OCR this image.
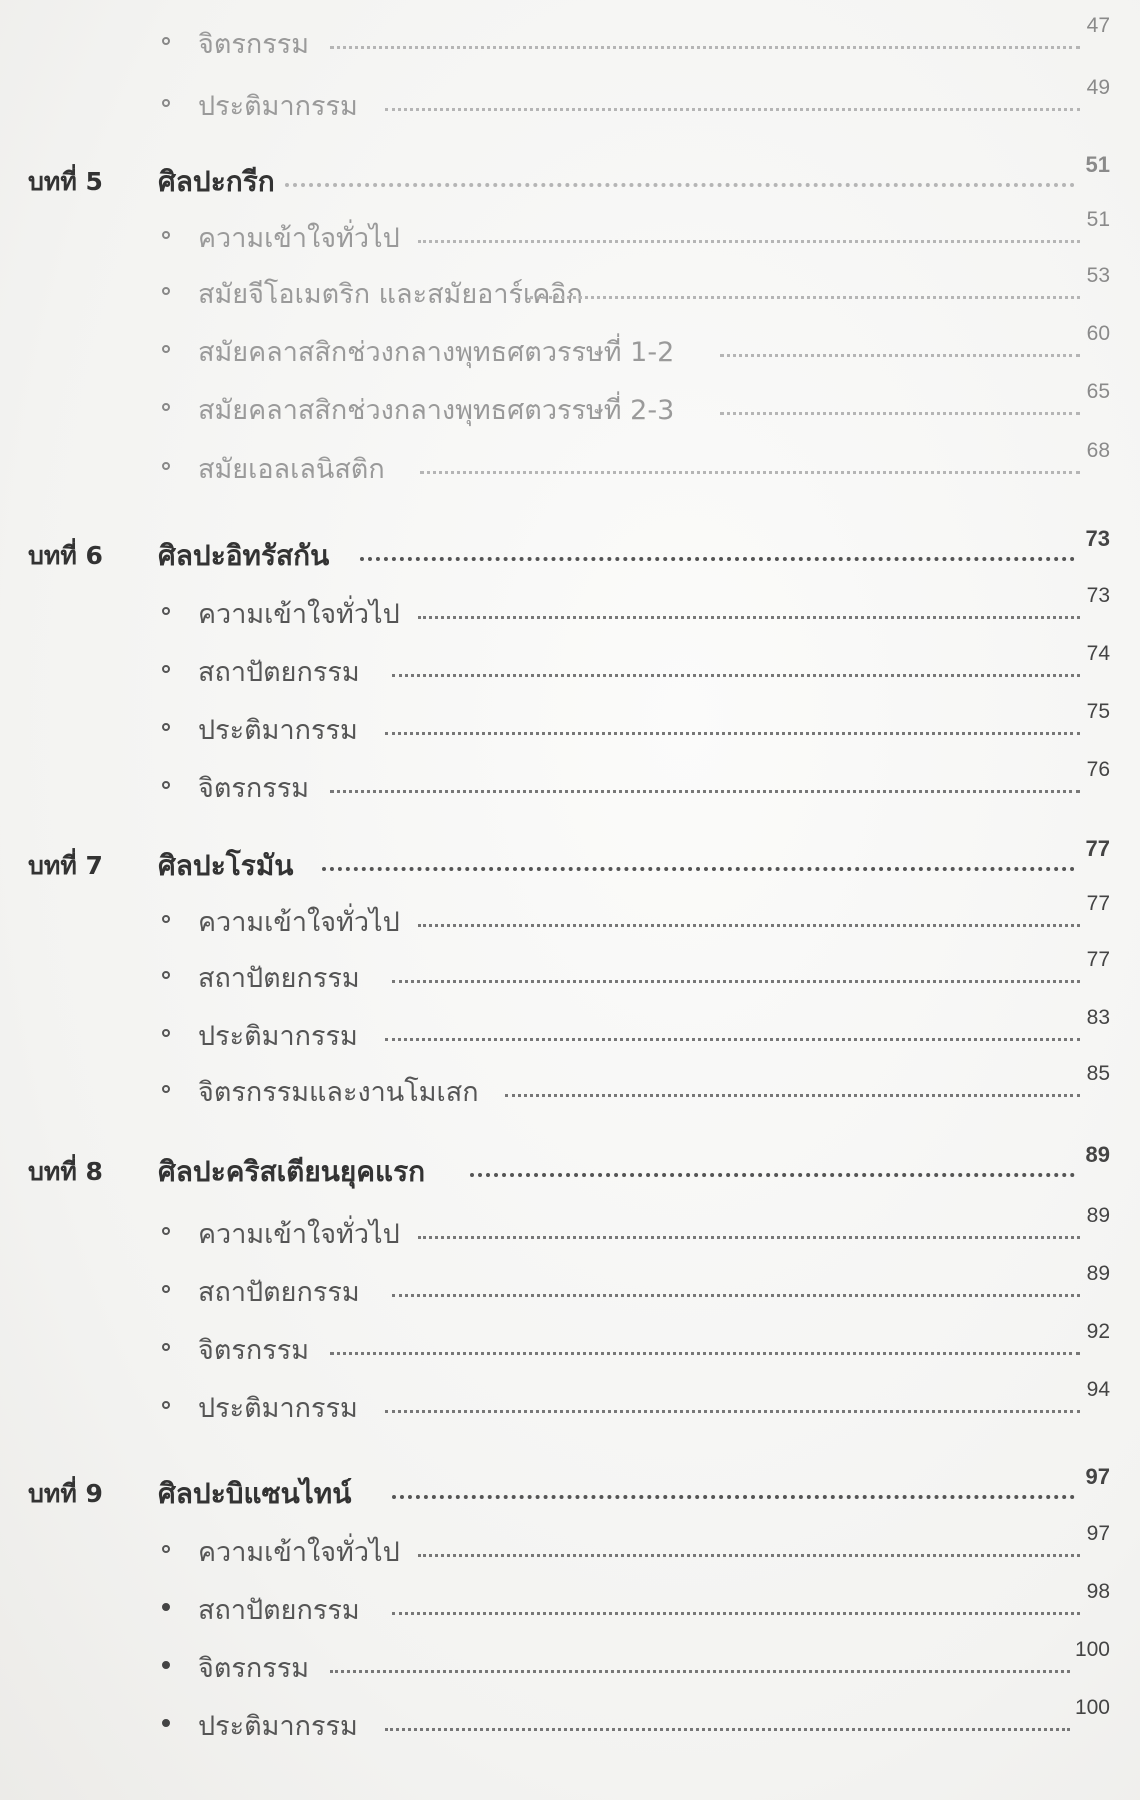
จิตรกรรม
47
ประติมากรรม
49
บทที่ 5 ศิลปะกรีก
51
ความเข้าใจทั่วไป
51
สมัยจีโอเมตริก และสมัยอาร์เคอิก
53
สมัยคลาสสิกช่วงกลางพุทธศตวรรษที่ 1-2
60
สมัยคลาสสิกช่วงกลางพุทธศตวรรษที่ 2-3
65
สมัยเอลเลนิสติก
68
บทที่ 6 ศิลปะอิทรัสกัน
73
ความเข้าใจทั่วไป
73
สถาปัตยกรรม
74
ประติมากรรม
75
จิตรกรรม
76
บทที่ 7 ศิลปะโรมัน
77
ความเข้าใจทั่วไป
77
สถาปัตยกรรม
77
ประติมากรรม
83
จิตรกรรมและงานโมเสก
85
บทที่ 8 ศิลปะคริสเตียนยุคแรก
89
ความเข้าใจทั่วไป
89
สถาปัตยกรรม
89
จิตรกรรม
92
ประติมากรรม
94
บทที่ 9 ศิลปะบิแซนไทน์
97
ความเข้าใจทั่วไป
97
สถาปัตยกรรม
98
จิตรกรรม
100
ประติมากรรม
100
